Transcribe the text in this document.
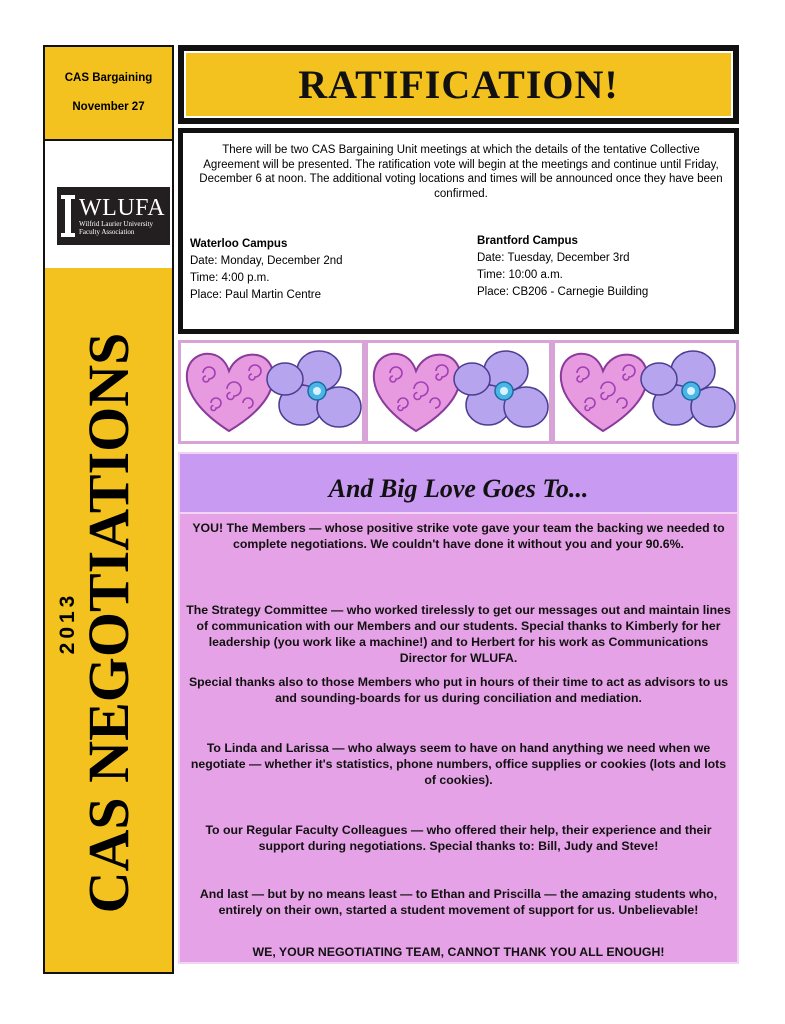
CAS Bargaining
November 27
WLUFA
Wilfrid Laurier University
Faculty Association
CAS NEGOTIATIONS
2013
RATIFICATION!

There will be two CAS Bargaining Unit meetings at which the details of the tentative Collective Agreement will be presented. The ratification vote will begin at the meetings and continue until Friday, December 6 at noon. The additional voting locations and times will be announced once they have been confirmed.

Waterloo Campus
Date: Monday, December 2nd
Time: 4:00 p.m.
Place: Paul Martin Centre
Brantford Campus
Date: Tuesday, December 3rd
Time: 10:00 a.m.
Place: CB206 - Carnegie Building
And Big Love Goes To...

YOU! The Members — whose positive strike vote gave your team the backing we needed to complete negotiations. We couldn't have done it without you and your 90.6%.

The Strategy Committee — who worked tirelessly to get our messages out and maintain lines of communication with our Members and our students. Special thanks to Kimberly for her leadership (you work like a machine!) and to Herbert for his work as Communications Director for WLUFA.

Special thanks also to those Members who put in hours of their time to act as advisors to us and sounding-boards for us during conciliation and mediation.

To Linda and Larissa — who always seem to have on hand anything we need when we negotiate — whether it's statistics, phone numbers, office supplies or cookies (lots and lots of cookies).

To our Regular Faculty Colleagues — who offered their help, their experience and their support during negotiations. Special thanks to: Bill, Judy and Steve!

And last — but by no means least — to Ethan and Priscilla — the amazing students who, entirely on their own, started a student movement of support for us. Unbelievable!

WE, YOUR NEGOTIATING TEAM, CANNOT THANK YOU ALL ENOUGH!
